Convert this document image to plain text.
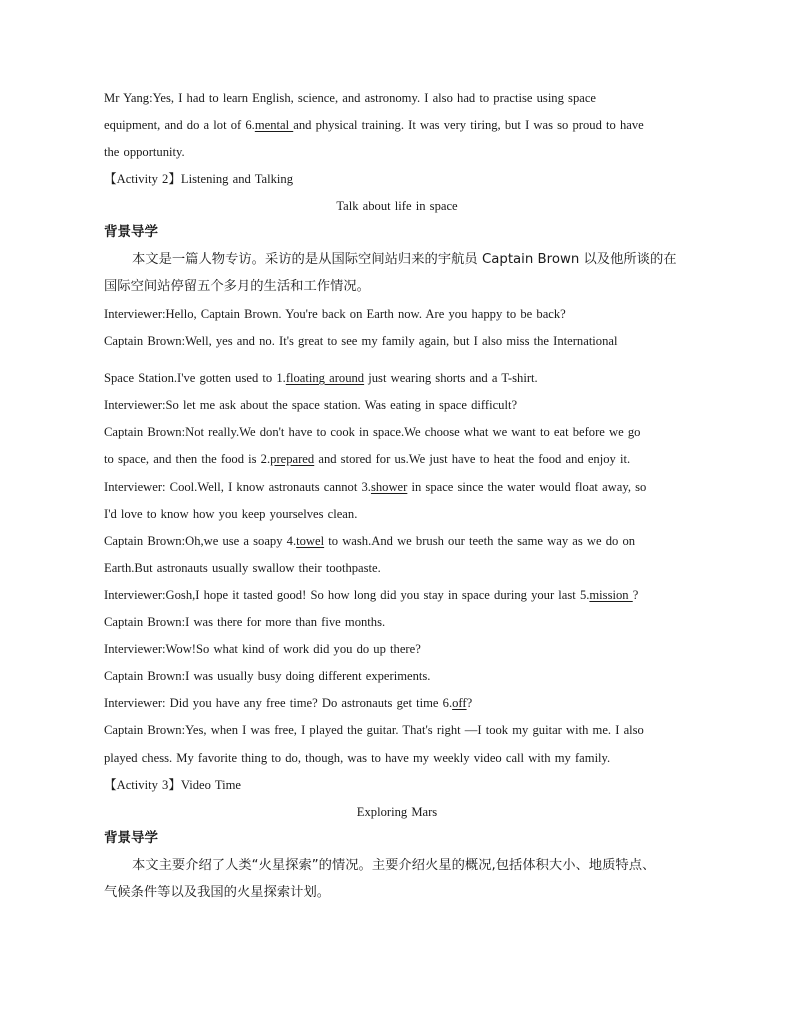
Mr Yang:Yes, I had to learn English, science, and astronomy. I also had to practise using space
equipment, and do a lot of 6.mental and physical training. It was very tiring, but I was so proud to have
the opportunity.
【Activity 2】Listening and Talking
Talk about life in space
背景导学
本文是一篇人物专访。采访的是从国际空间站归来的宇航员 Captain Brown 以及他所谈的在
国际空间站停留五个多月的生活和工作情况。
Interviewer:Hello, Captain Brown. You're back on Earth now. Are you happy to be back?
Captain Brown:Well, yes and no. It's great to see my family again, but I also miss the International
Space Station.I've gotten used to 1.floating around just wearing shorts and a T-shirt.
Interviewer:So let me ask about the space station. Was eating in space difficult?
Captain Brown:Not really.We don't have to cook in space.We choose what we want to eat before we go
to space, and then the food is 2.prepared and stored for us.We just have to heat the food and enjoy it.
Interviewer: Cool.Well, I know astronauts cannot 3.shower in space since the water would float away, so
I'd love to know how you keep yourselves clean.
Captain Brown:Oh,we use a soapy 4.towel to wash.And we brush our teeth the same way as we do on
Earth.But astronauts usually swallow their toothpaste.
Interviewer:Gosh,I hope it tasted good! So how long did you stay in space during your last 5.mission ?
Captain Brown:I was there for more than five months.
Interviewer:Wow!So what kind of work did you do up there?
Captain Brown:I was usually busy doing different experiments.
Interviewer: Did you have any free time? Do astronauts get time 6.off?
Captain Brown:Yes, when I was free, I played the guitar. That's right —I took my guitar with me. I also
played chess. My favorite thing to do, though, was to have my weekly video call with my family.
【Activity 3】Video Time
Exploring Mars
背景导学
本文主要介绍了人类“火星探索”的情况。主要介绍火星的概况,包括体积大小、地质特点、
气候条件等以及我国的火星探索计划。
